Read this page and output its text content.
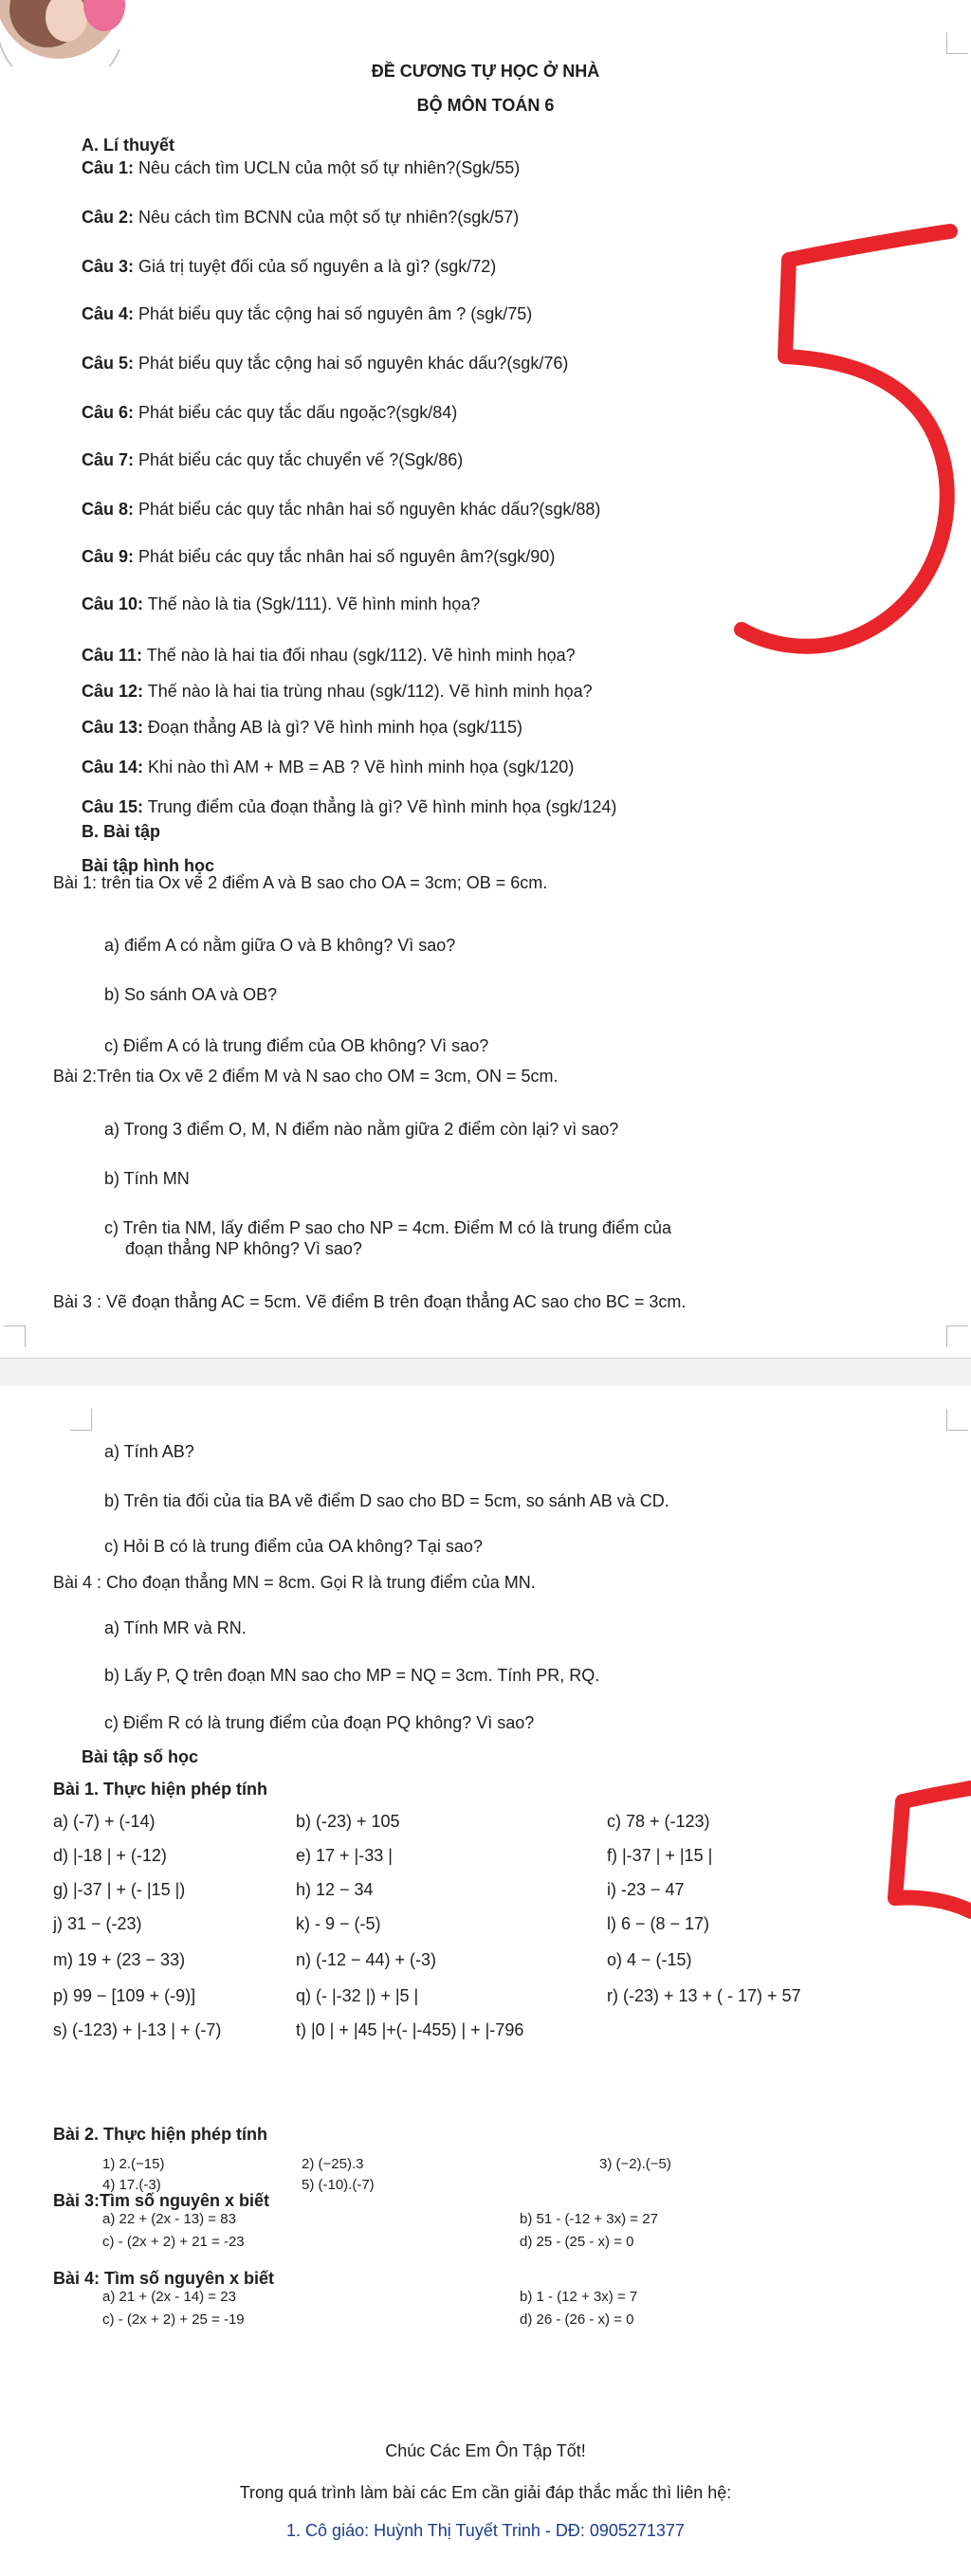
ĐỀ CƯƠNG TỰ HỌC Ở NHÀ
BỘ MÔN TOÁN 6
A. Lí thuyết
Câu 1: Nêu cách tìm UCLN của một số tự nhiên?(Sgk/55)
Câu 2: Nêu cách tìm BCNN của một số tự nhiên?(sgk/57)
Câu 3: Giá trị tuyệt đối của số nguyên a là gì? (sgk/72)
Câu 4: Phát biểu quy tắc cộng hai số nguyên âm ? (sgk/75)
Câu 5: Phát biểu quy tắc cộng hai số nguyên khác dấu?(sgk/76)
Câu 6: Phát biểu các quy tắc dấu ngoặc?(sgk/84)
Câu 7: Phát biểu các quy tắc chuyển vế ?(Sgk/86)
Câu 8: Phát biểu các quy tắc nhân hai số nguyên khác dấu?(sgk/88)
Câu 9: Phát biểu các quy tắc nhân hai số nguyên âm?(sgk/90)
Câu 10: Thế nào là tia (Sgk/111). Vẽ hình minh họa?
Câu 11: Thế nào là hai tia đối nhau (sgk/112). Vẽ hình minh họa?
Câu 12: Thế nào là hai tia trùng nhau (sgk/112). Vẽ hình minh họa?
Câu 13: Đoạn thẳng AB là gì? Vẽ hình minh họa (sgk/115)
Câu 14: Khi nào thì AM + MB = AB ? Vẽ hình minh họa (sgk/120)
Câu 15: Trung điểm của đoạn thẳng là gì? Vẽ hình minh họa (sgk/124)
B. Bài tập
Bài tập hình học
Bài 1: trên tia Ox vẽ 2 điểm A và B sao cho OA = 3cm; OB = 6cm.
a) điểm A có nằm giữa O và B không? Vì sao?
b) So sánh OA và OB?
c) Điểm A có là trung điểm của OB không? Vì sao?
Bài 2:Trên tia Ox vẽ 2 điểm M và N sao cho OM = 3cm, ON = 5cm.
a) Trong 3 điểm O, M, N điểm nào nằm giữa 2 điểm còn lại? vì sao?
b) Tính MN
c) Trên tia NM, lấy điểm P sao cho NP = 4cm. Điểm M có là trung điểm của
đoạn thẳng NP không? Vì sao?
Bài 3 : Vẽ đoạn thẳng AC = 5cm. Vẽ điểm B trên đoạn thẳng AC sao cho BC = 3cm.
a) Tính AB?
b) Trên tia đối của tia BA vẽ điểm D sao cho BD = 5cm, so sánh AB và CD.
c) Hỏi B có là trung điểm của OA không? Tại sao?
Bài 4 : Cho đoạn thẳng MN = 8cm. Gọi R là trung điểm của MN.
a) Tính MR và RN.
b) Lấy P, Q trên đoạn MN sao cho MP = NQ = 3cm. Tính PR, RQ.
c) Điểm R có là trung điểm của đoạn PQ không? Vì sao?
Bài tập số học
Bài 1. Thực hiện phép tính
a) (-7) + (-14)	b) (-23) + 105	c) 78 + (-123)
d) |-18 | + (-12)	e) 17 + |-33 |	f) |-37 | + |15 |
g) |-37 | + (- |15 |)	h) 12 − 34	i) -23 − 47
j) 31 − (-23)	k) - 9 − (-5)	l) 6 − (8 − 17)
m) 19 + (23 − 33)	n) (-12 − 44) + (-3)	o) 4 − (-15)
p) 99 − [109 + (-9)]	q) (- |-32 |) + |5 |	r) (-23) + 13 + ( - 17) + 57
s) (-123) + |-13 | + (-7)	t) |0 | + |45 |+(- |-455) | + |-796
Bài 2. Thực hiện phép tính
1) 2.(−15)	2) (−25).3	3) (−2).(−5)
4) 17.(-3)	5) (-10).(-7)
Bài 3:Tìm số nguyên x biết
a) 22 + (2x - 13) = 83	b) 51 - (-12 + 3x) = 27
c) - (2x + 2) + 21 = -23	d) 25 - (25 - x) = 0
Bài 4: Tìm số nguyên x biết
a) 21 + (2x - 14) = 23	b) 1 - (12 + 3x) = 7
c) - (2x + 2) + 25 = -19	d) 26 - (26 - x) = 0
Chúc Các Em Ôn Tập Tốt!
Trong quá trình làm bài các Em cần giải đáp thắc mắc thì liên hệ:
1. Cô giáo: Huỳnh Thị Tuyết Trinh - DĐ: 0905271377
